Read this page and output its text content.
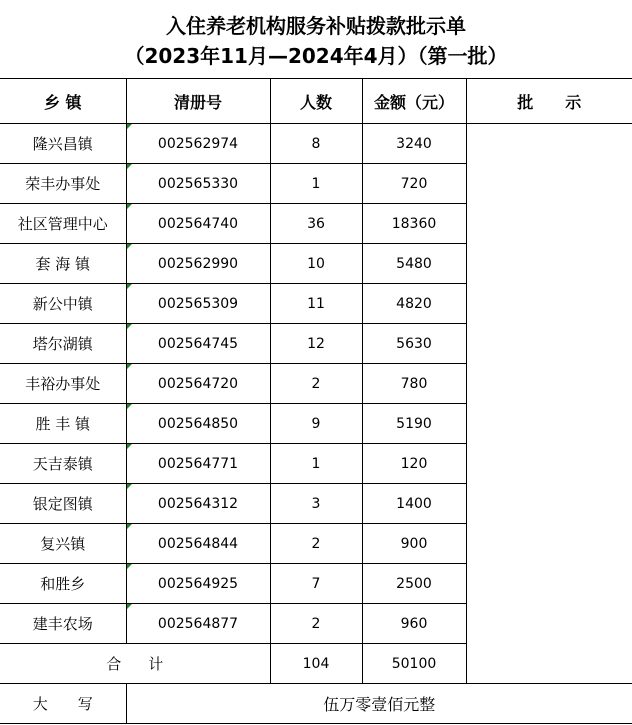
入住养老机构服务补贴拨款批示单
（2023年11月—2024年4月）（第一批）
乡 镇	清册号	人数	金额（元）	批　　示
隆兴昌镇	002562974	8	3240	
荣丰办事处	002565330	1	720	
社区管理中心	002564740	36	18360	
套 海 镇	002562990	10	5480	
新公中镇	002565309	11	4820	
塔尔湖镇	002564745	12	5630	
丰裕办事处	002564720	2	780	
胜 丰 镇	002564850	9	5190	
天吉泰镇	002564771	1	120	
银定图镇	002564312	3	1400	
复兴镇	002564844	2	900	
和胜乡	002564925	7	2500	
建丰农场	002564877	2	960	
合　计		104	50100	
大　　写	伍万零壹佰元整			
